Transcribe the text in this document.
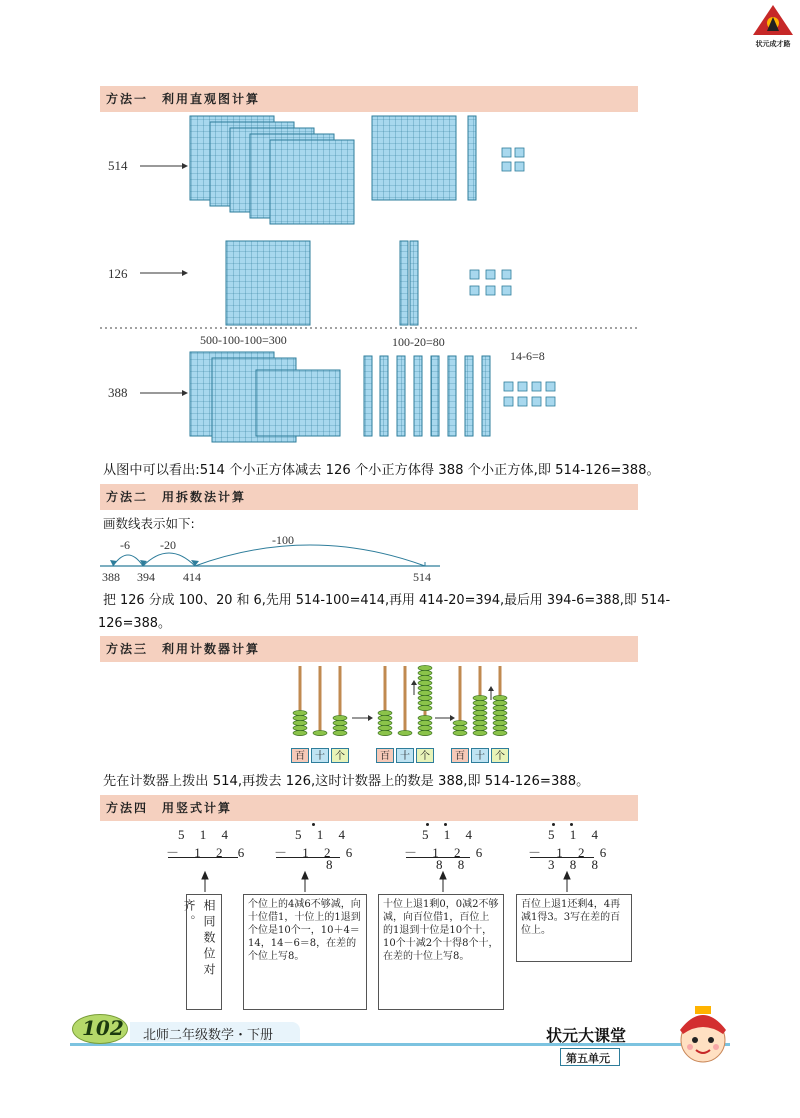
状元成才路
方法一　利用直观图计算
514
126
388
500-100-100=300	100-20=80
14-6=8
从图中可以看出:514 个小正方体减去 126 个小正方体得 388 个小正方体,即 514-126=388。
方法二　用拆数法计算
画数线表示如下:
-6	-20	-100
388 394 414	514
把 126 分成 100、20 和 6,先用 514-100=414,再用 414-20=394,最后用 394-6=388,即 514-
126=388。
方法三　利用计数器计算
百	十	个	百	十	个	百	十	个
先在计数器上拨出 514,再拨去 126,这时计数器上的数是 388,即 514-126=388。
方法四　用竖式计算
5 1 4
－ 1 2 6
5 1 4
－ 1 2 6
8
5 1 4
－ 1 2 6
8 8
5 1 4
－ 1 2 6
3 8 8
相同数位对齐。	个位上的4减6不够减，向十位借1，十位上的1退到个位是10个一，10＋4＝14，14－6＝8，在差的个位上写8。
十位上退1剩0，0减2不够减，向百位借1，百位上的1退到十位是10个十，10个十减2个十得8个十，在差的十位上写8。
百位上退1还剩4，4再减1得3。3写在差的百位上。
102 北师二年级数学・下册	状元大课堂
第五单元
